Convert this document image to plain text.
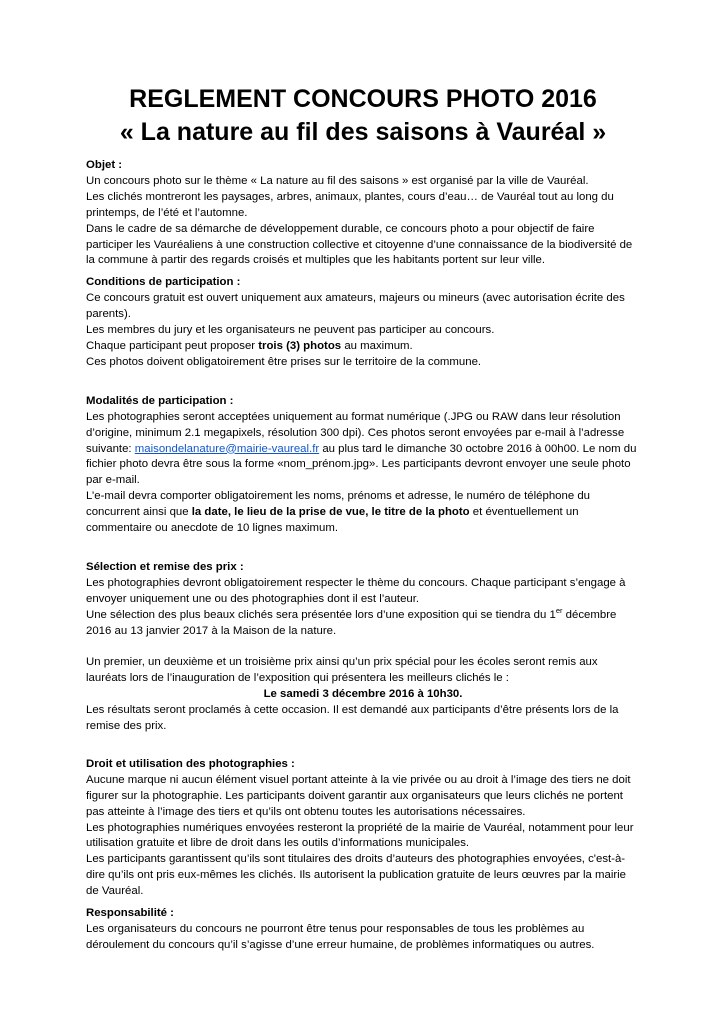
REGLEMENT CONCOURS PHOTO 2016
« La nature au fil des saisons à Vauréal »
Objet :
Un concours photo sur le thème « La nature au fil des saisons » est organisé par la ville de Vauréal.
Les clichés montreront les paysages, arbres, animaux, plantes, cours d’eau… de Vauréal tout au long du printemps, de l’été et l’automne.
Dans le cadre de sa démarche de développement durable, ce concours photo a pour objectif de faire participer les Vauréaliens à une construction collective et citoyenne d’une connaissance de la biodiversité de la commune à partir des regards croisés et multiples que les habitants portent sur leur ville.
Conditions de participation :
Ce concours gratuit est ouvert uniquement aux amateurs, majeurs ou mineurs (avec autorisation écrite des parents).
Les membres du jury et les organisateurs ne peuvent pas participer au concours.
Chaque participant peut proposer trois (3) photos au maximum.
Ces photos doivent obligatoirement être prises sur le territoire de la commune.
Modalités de participation :
Les photographies seront acceptées uniquement au format numérique (.JPG ou RAW dans leur résolution d’origine, minimum 2.1 megapixels, résolution 300 dpi). Ces photos seront envoyées par e-mail à l’adresse suivante: maisondelanature@mairie-vaureal.fr au plus tard le dimanche 30 octobre 2016 à 00h00. Le nom du fichier photo devra être sous la forme «nom_prénom.jpg». Les participants devront envoyer une seule photo par e-mail.
L’e-mail devra comporter obligatoirement les noms, prénoms et adresse, le numéro de téléphone du concurrent ainsi que la date, le lieu de la prise de vue, le titre de la photo et éventuellement un commentaire ou anecdote de 10 lignes maximum.
Sélection et remise des prix :
Les photographies devront obligatoirement respecter le thème du concours. Chaque participant s’engage à envoyer uniquement une ou des photographies dont il est l’auteur.
Une sélection des plus beaux clichés sera présentée lors d’une exposition qui se tiendra du 1er décembre 2016 au 13 janvier 2017 à la Maison de la nature.
Un premier, un deuxième et un troisième prix ainsi qu’un prix spécial pour les écoles seront remis aux lauréats lors de l’inauguration de l’exposition qui présentera les meilleurs clichés le :
Le samedi 3 décembre 2016 à 10h30.
Les résultats seront proclamés à cette occasion. Il est demandé aux participants d’être présents lors de la remise des prix.
Droit et utilisation des photographies :
Aucune marque ni aucun élément visuel portant atteinte à la vie privée ou au droit à l’image des tiers ne doit figurer sur la photographie. Les participants doivent garantir aux organisateurs que leurs clichés ne portent pas atteinte à l’image des tiers et qu’ils ont obtenu toutes les autorisations nécessaires.
Les photographies numériques envoyées resteront la propriété de la mairie de Vauréal, notamment pour leur utilisation gratuite et libre de droit dans les outils d’informations municipales.
Les participants garantissent qu’ils sont titulaires des droits d’auteurs des photographies envoyées, c'est-à-dire qu’ils ont pris eux-mêmes les clichés. Ils autorisent la publication gratuite de leurs œuvres par la mairie de Vauréal.
Responsabilité :
Les organisateurs du concours ne pourront être tenus pour responsables de tous les problèmes au déroulement du concours qu’il s’agisse d’une erreur humaine, de problèmes informatiques ou autres.
